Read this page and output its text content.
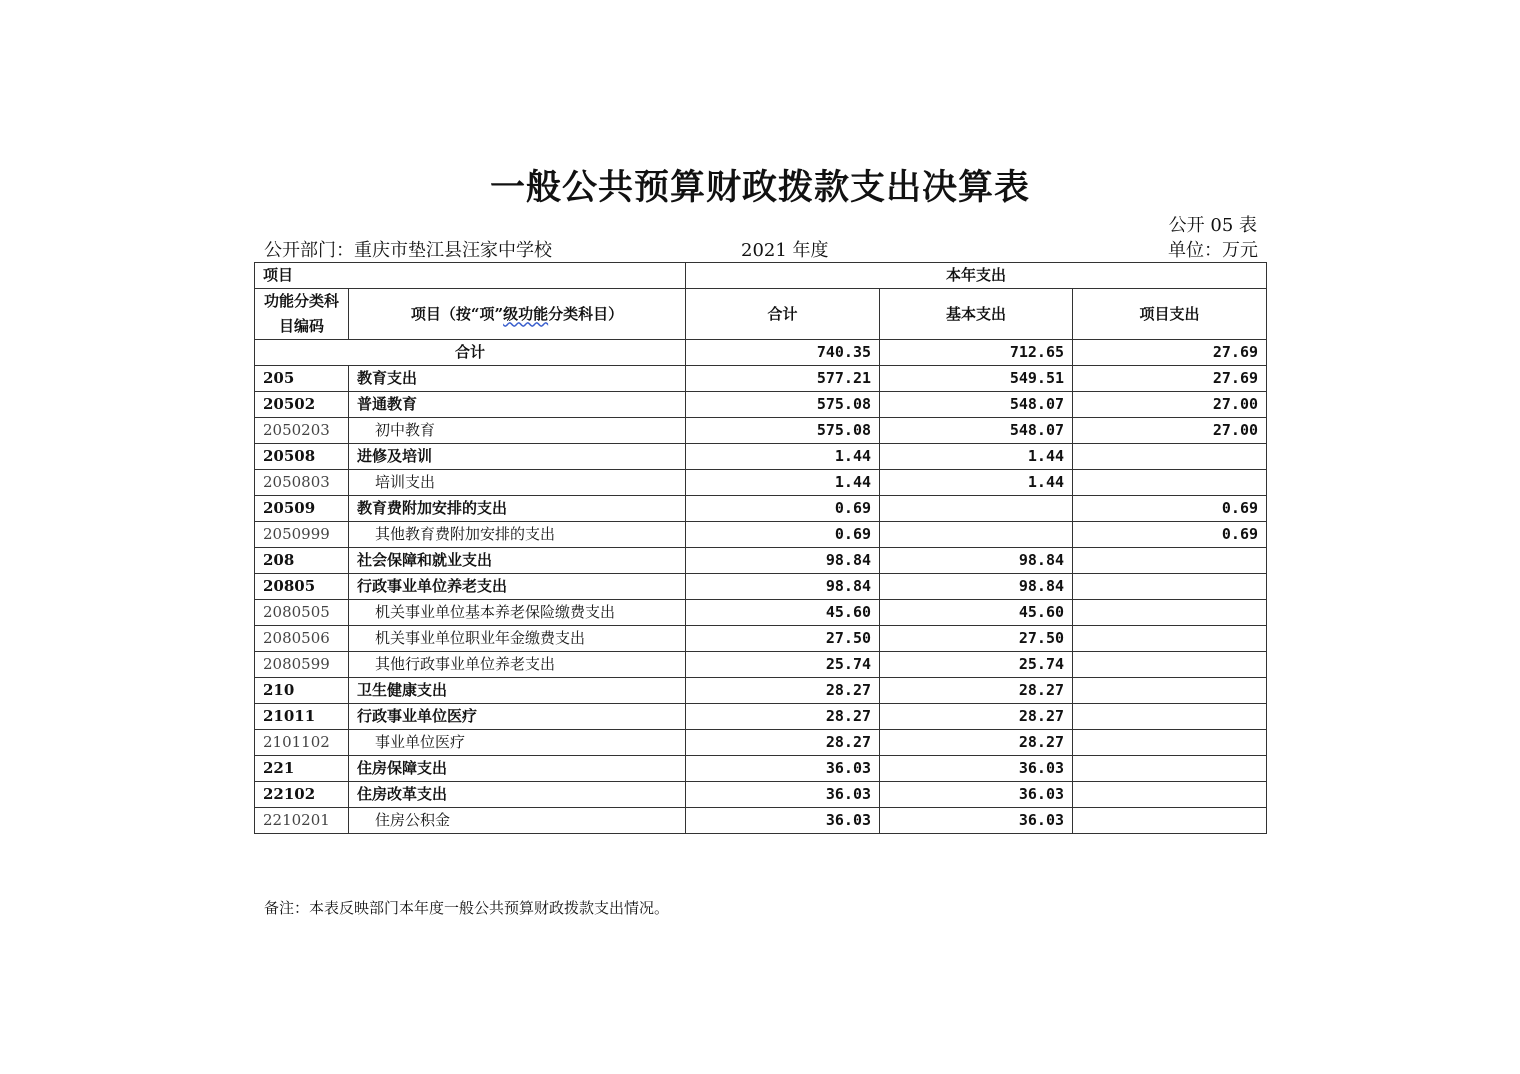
一般公共预算财政拨款支出决算表
公开 05 表
公开部门：重庆市垫江县汪家中学校	2021 年度	单位：万元
项目		本年支出		
功能分类科目编码	项目（按“项”级功能分类科目）	合计	基本支出	项目支出
合计		740.35	712.65	27.69
205	教育支出	577.21	549.51	27.69
20502	普通教育	575.08	548.07	27.00
2050203	初中教育	575.08	548.07	27.00
20508	进修及培训	1.44	1.44	
2050803	培训支出	1.44	1.44	
20509	教育费附加安排的支出	0.69		0.69
2050999	其他教育费附加安排的支出	0.69		0.69
208	社会保障和就业支出	98.84	98.84	
20805	行政事业单位养老支出	98.84	98.84	
2080505	机关事业单位基本养老保险缴费支出	45.60	45.60	
2080506	机关事业单位职业年金缴费支出	27.50	27.50	
2080599	其他行政事业单位养老支出	25.74	25.74	
210	卫生健康支出	28.27	28.27	
21011	行政事业单位医疗	28.27	28.27	
2101102	事业单位医疗	28.27	28.27	
221	住房保障支出	36.03	36.03	
22102	住房改革支出	36.03	36.03	
2210201	住房公积金	36.03	36.03	
备注：本表反映部门本年度一般公共预算财政拨款支出情况。
